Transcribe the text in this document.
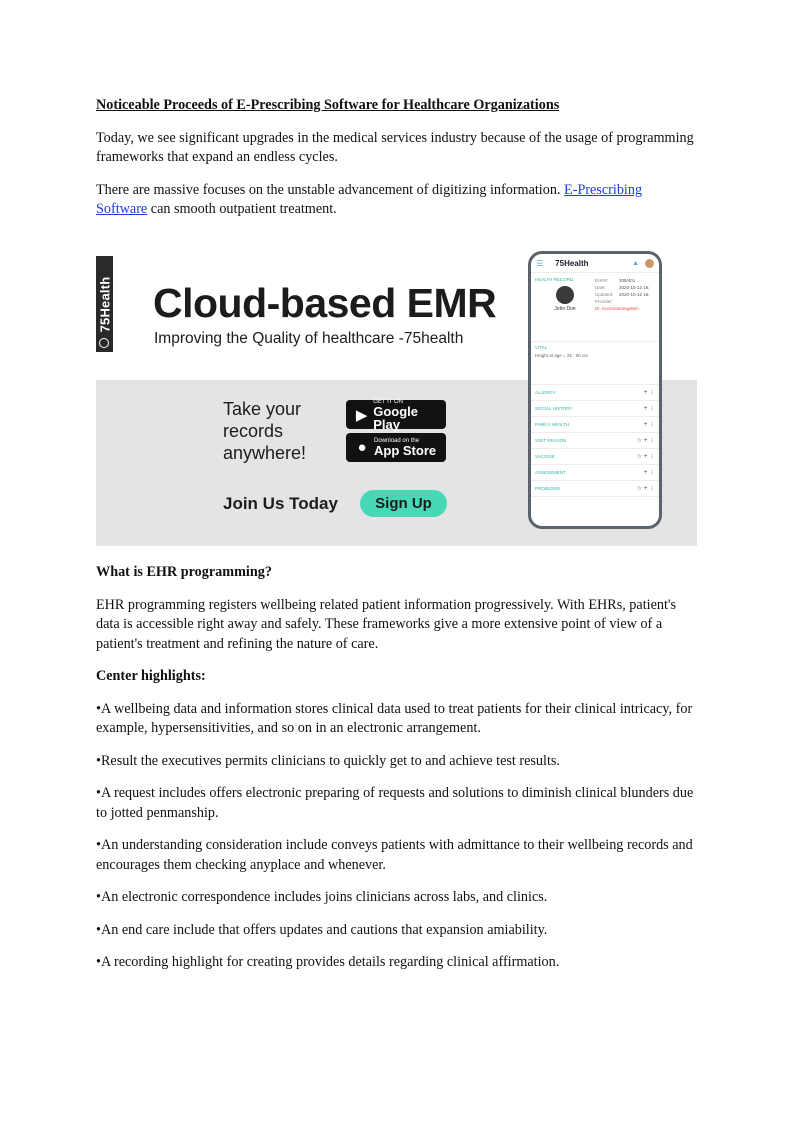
Noticeable Proceeds of E-Prescribing Software for Healthcare Organizations

Today, we see significant upgrades in the medical services industry because of the usage of programming frameworks that expand an endless cycles.

There are massive focuses on the unstable advancement of digitizing information. E-Prescribing Software can smooth outpatient treatment.

75Health Cloud-based EMR
Improving the Quality of healthcare -75health
Take your
records
anywhere!
▶
GET IT ON
Google Play
●	Download on the
App Store
Join Us Today	Sign Up
☰ 75Health	▲
HEALTH RECORD
John Doe
EHR#: 305/401
Date:	2020-10-12 16:
Updated: 2020-10-12 16:
Provider:
Dr. Kumaramangalam
VITAL
Height at age = 25 : 90 cm
ALLERGY	+ ⋮
SOCIAL HISTORY	+ ⋮
FAMILY HEALTH	+ ⋮
VISIT REASON	☆ + ⋮
VACCINE	☆ + ⋮
ASSESSMENT	+ ⋮
PROBLEMS	☆ + ⋮

What is EHR programming?

EHR programming registers wellbeing related patient information progressively. With EHRs, patient's data is accessible right away and safely. These frameworks give a more extensive point of view of a patient's treatment and refining the nature of care.

Center highlights:

•A wellbeing data and information stores clinical data used to treat patients for their clinical intricacy, for example, hypersensitivities, and so on in an electronic arrangement.

•Result the executives permits clinicians to quickly get to and achieve test results.

•A request includes offers electronic preparing of requests and solutions to diminish clinical blunders due to jotted penmanship.

•An understanding consideration include conveys patients with admittance to their wellbeing records and encourages them checking anyplace and whenever.

•An electronic correspondence includes joins clinicians across labs, and clinics.

•An end care include that offers updates and cautions that expansion amiability.

•A recording highlight for creating provides details regarding clinical affirmation.
